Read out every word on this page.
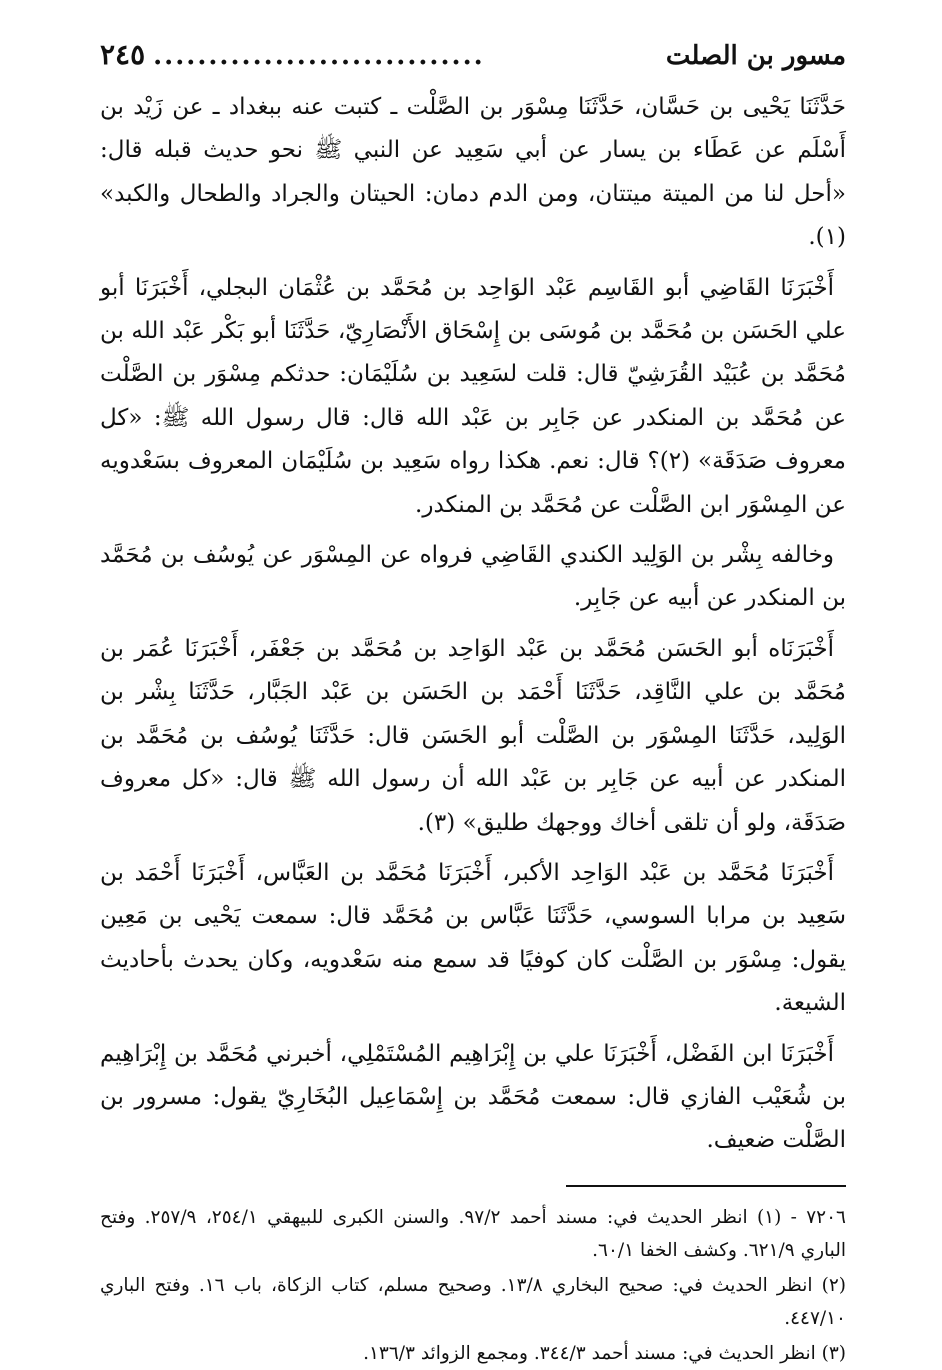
مسور بن الصلت
..............................
٢٤٥

حَدَّثَنَا يَحْيى بن حَسَّان، حَدَّثَنَا مِسْوَر بن الصَّلْت ـ كتبت عنه ببغداد ـ عن زَيْد بن أَسْلَم عن عَطَاء بن يسار عن أبي سَعِيد عن النبي ﷺ نحو حديث قبله قال: «أحل لنا من الميتة ميتتان، ومن الدم دمان: الحيتان والجراد والطحال والكبد» (١).

أَخْبَرَنَا القَاضِي أبو القَاسِم عَبْد الوَاحِد بن مُحَمَّد بن عُثْمَان البجلي، أَخْبَرَنَا أبو علي الحَسَن بن مُحَمَّد بن مُوسَى بن إِسْحَاق الأَنْصَارِيّ، حَدَّثَنَا أبو بَكْر عَبْد الله بن مُحَمَّد بن عُبَيْد القُرَشِيّ قال: قلت لسَعِيد بن سُلَيْمَان: حدثكم مِسْوَر بن الصَّلْت عن مُحَمَّد بن المنكدر عن جَابِر بن عَبْد الله قال: قال رسول الله ﷺ: «كل معروف صَدَقَة» (٢)؟ قال: نعم. هكذا رواه سَعِيد بن سُلَيْمَان المعروف بسَعْدويه عن المِسْوَر ابن الصَّلْت عن مُحَمَّد بن المنكدر.

وخالفه بِشْر بن الوَلِيد الكندي القَاضِي فرواه عن المِسْوَر عن يُوسُف بن مُحَمَّد بن المنكدر عن أبيه عن جَابِر.

أَخْبَرَنَاه أبو الحَسَن مُحَمَّد بن عَبْد الوَاحِد بن مُحَمَّد بن جَعْفَر، أَخْبَرَنَا عُمَر بن مُحَمَّد بن علي النَّاقِد، حَدَّثَنَا أَحْمَد بن الحَسَن بن عَبْد الجَبَّار، حَدَّثَنَا بِشْر بن الوَلِيد، حَدَّثَنَا المِسْوَر بن الصَّلْت أبو الحَسَن قال: حَدَّثَنَا يُوسُف بن مُحَمَّد بن المنكدر عن أبيه عن جَابِر بن عَبْد الله أن رسول الله ﷺ قال: «كل معروف صَدَقَة، ولو أن تلقى أخاك ووجهك طليق» (٣).

أَخْبَرَنَا مُحَمَّد بن عَبْد الوَاحِد الأكبر، أَخْبَرَنَا مُحَمَّد بن العَبَّاس، أَخْبَرَنَا أَحْمَد بن سَعِيد بن مرابا السوسي، حَدَّثَنَا عَبَّاس بن مُحَمَّد قال: سمعت يَحْيى بن مَعِين يقول: مِسْوَر بن الصَّلْت كان كوفيًا قد سمع منه سَعْدويه، وكان يحدث بأحاديث الشيعة.

أَخْبَرَنَا ابن الفَضْل، أَخْبَرَنَا علي بن إِبْرَاهِيم المُسْتَمْلِي، أخبرني مُحَمَّد بن إِبْرَاهِيم بن شُعَيْب الفازي قال: سمعت مُحَمَّد بن إِسْمَاعِيل البُخَارِيّ يقول: مسرور بن الصَّلْت ضعيف.

٧٢٠٦ - (١) انظر الحديث في: مسند أحمد ٩٧/٢. والسنن الكبرى للبيهقي ٢٥٤/١، ٢٥٧/٩. وفتح الباري ٦٢١/٩. وكشف الخفا ٦٠/١.

(٢) انظر الحديث في: صحيح البخاري ١٣/٨. وصحيح مسلم، كتاب الزكاة، باب ١٦. وفتح الباري ٤٤٧/١٠.

(٣) انظر الحديث في: مسند أحمد ٣٤٤/٣. ومجمع الزوائد ١٣٦/٣.
